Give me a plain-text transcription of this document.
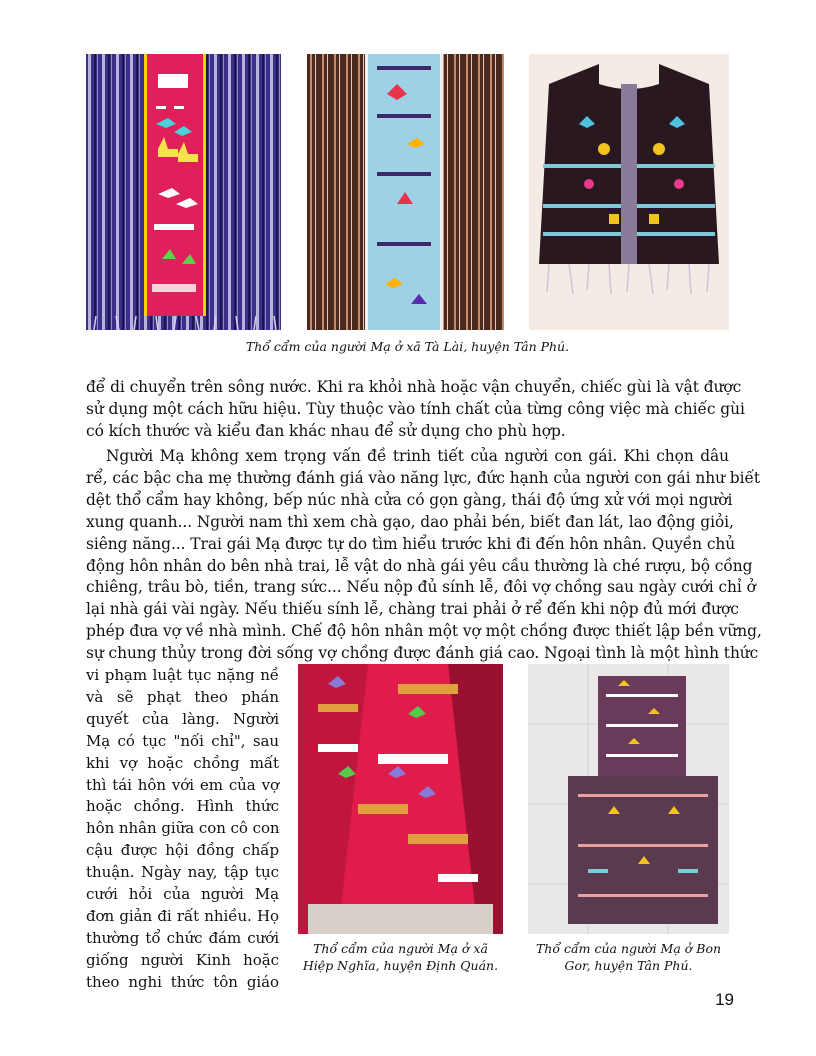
Thổ cẩm của người Mạ ở xã Tà Lài, huyện Tân Phú.
để di chuyển trên sông nước. Khi ra khỏi nhà hoặc vận chuyển, chiếc gùi là vật được
sử dụng một cách hữu hiệu. Tùy thuộc vào tính chất của từng công việc mà chiếc gùi
có kích thước và kiểu đan khác nhau để sử dụng cho phù hợp.
Người Mạ không xem trọng vấn đề trinh tiết của người con gái. Khi chọn dâu
rể, các bậc cha mẹ thường đánh giá vào năng lực, đức hạnh của người con gái như biết
dệt thổ cẩm hay không, bếp núc nhà cửa có gọn gàng, thái độ ứng xử với mọi người
xung quanh... Người nam thì xem chà gạo, dao phải bén, biết đan lát, lao động giỏi,
siêng năng... Trai gái Mạ được tự do tìm hiểu trước khi đi đến hôn nhân. Quyền chủ
động hôn nhân do bên nhà trai, lễ vật do nhà gái yêu cầu thường là ché rượu, bộ cồng
chiêng, trâu bò, tiền, trang sức... Nếu nộp đủ sính lễ, đôi vợ chồng sau ngày cưới chỉ ở
lại nhà gái vài ngày. Nếu thiếu sính lễ, chàng trai phải ở rể đến khi nộp đủ mới được
phép đưa vợ về nhà mình. Chế độ hôn nhân một vợ một chồng được thiết lập bền vững,
sự chung thủy trong đời sống vợ chồng được đánh giá cao. Ngoại tình là một hình thức
vi phạm luật tục nặng nề
và sẽ phạt theo phán
quyết của làng. Người
Mạ có tục "nối chỉ", sau
khi vợ hoặc chồng mất
thì tái hôn với em của vợ
hoặc chồng. Hình thức
hôn nhân giữa con cô con
cậu được hội đồng chấp
thuận. Ngày nay, tập tục
cưới hỏi của người Mạ
đơn giản đi rất nhiều. Họ
thường tổ chức đám cưới
giống người Kinh hoặc
theo nghi thức tôn giáo
Thổ cẩm của người Mạ ở xã
Hiệp Nghĩa, huyện Định Quán.
Thổ cẩm của người Mạ ở Bon
Gor, huyện Tân Phú.
19
